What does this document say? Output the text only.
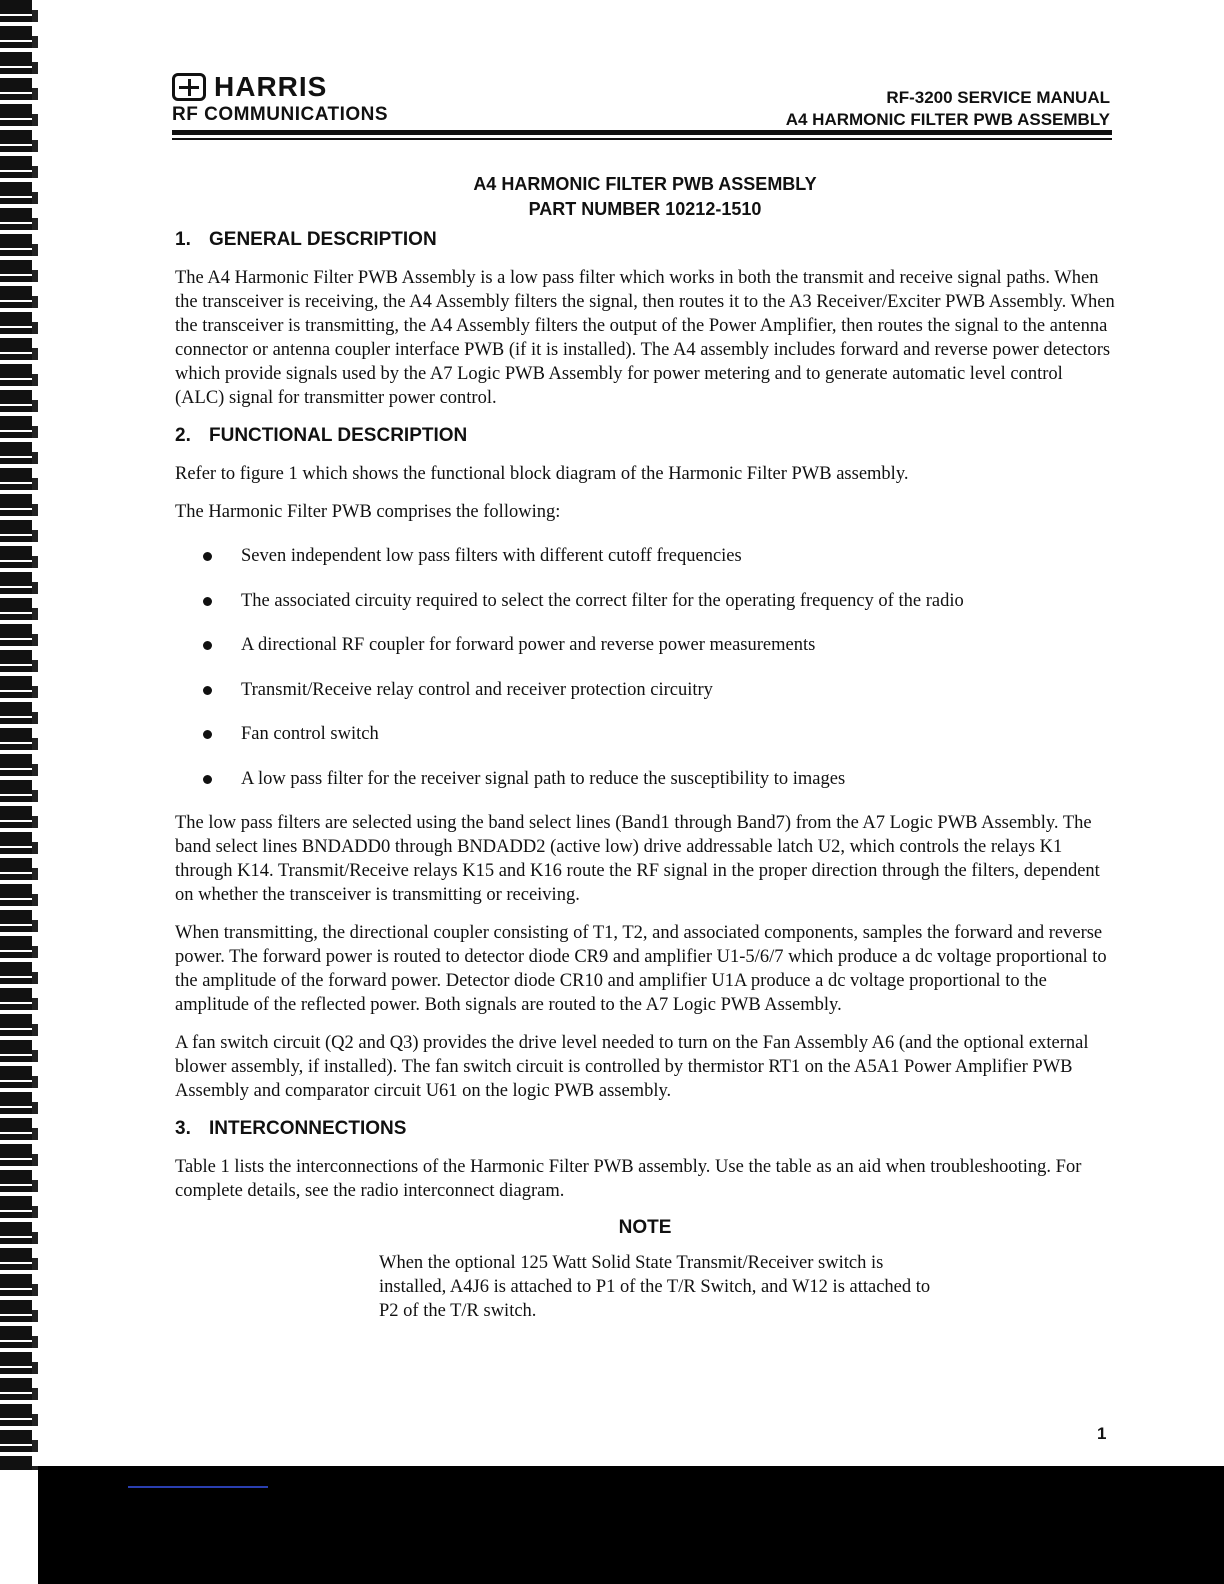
HARRIS
RF COMMUNICATIONS
RF-3200 SERVICE MANUAL
A4 HARMONIC FILTER PWB ASSEMBLY
A4 HARMONIC FILTER PWB ASSEMBLY
PART NUMBER 10212-1510
1. GENERAL DESCRIPTION

The A4 Harmonic Filter PWB Assembly is a low pass filter which works in both the transmit and receive signal paths. When the transceiver is receiving, the A4 Assembly filters the signal, then routes it to the A3 Receiver/Exciter PWB Assembly. When the transceiver is transmitting, the A4 Assembly filters the output of the Power Amplifier, then routes the signal to the antenna connector or antenna coupler interface PWB (if it is installed). The A4 assembly includes forward and reverse power detectors which provide signals used by the A7 Logic PWB Assembly for power metering and to generate automatic level control (ALC) signal for transmitter power control.

2. FUNCTIONAL DESCRIPTION

Refer to figure 1 which shows the functional block diagram of the Harmonic Filter PWB assembly.

The Harmonic Filter PWB comprises the following:

Seven independent low pass filters with different cutoff frequencies
The associated circuity required to select the correct filter for the operating frequency of the radio
A directional RF coupler for forward power and reverse power measurements
Transmit/Receive relay control and receiver protection circuitry
Fan control switch
A low pass filter for the receiver signal path to reduce the susceptibility to images

The low pass filters are selected using the band select lines (Band1 through Band7) from the A7 Logic PWB Assembly. The band select lines BNDADD0 through BNDADD2 (active low) drive addressable latch U2, which controls the relays K1 through K14. Transmit/Receive relays K15 and K16 route the RF signal in the proper direction through the filters, dependent on whether the transceiver is transmitting or receiving.

When transmitting, the directional coupler consisting of T1, T2, and associated components, samples the forward and reverse power. The forward power is routed to detector diode CR9 and amplifier U1-5/6/7 which produce a dc voltage proportional to the amplitude of the forward power. Detector diode CR10 and amplifier U1A produce a dc voltage proportional to the amplitude of the reflected power. Both signals are routed to the A7 Logic PWB Assembly.

A fan switch circuit (Q2 and Q3) provides the drive level needed to turn on the Fan Assembly A6 (and the optional external blower assembly, if installed). The fan switch circuit is controlled by thermistor RT1 on the A5A1 Power Amplifier PWB Assembly and comparator circuit U61 on the logic PWB assembly.

3. INTERCONNECTIONS

Table 1 lists the interconnections of the Harmonic Filter PWB assembly. Use the table as an aid when troubleshooting. For complete details, see the radio interconnect diagram.

NOTE
When the optional 125 Watt Solid State Transmit/Receiver switch is installed, A4J6 is attached to P1 of the T/R Switch, and W12 is attached to P2 of the T/R switch.
1
